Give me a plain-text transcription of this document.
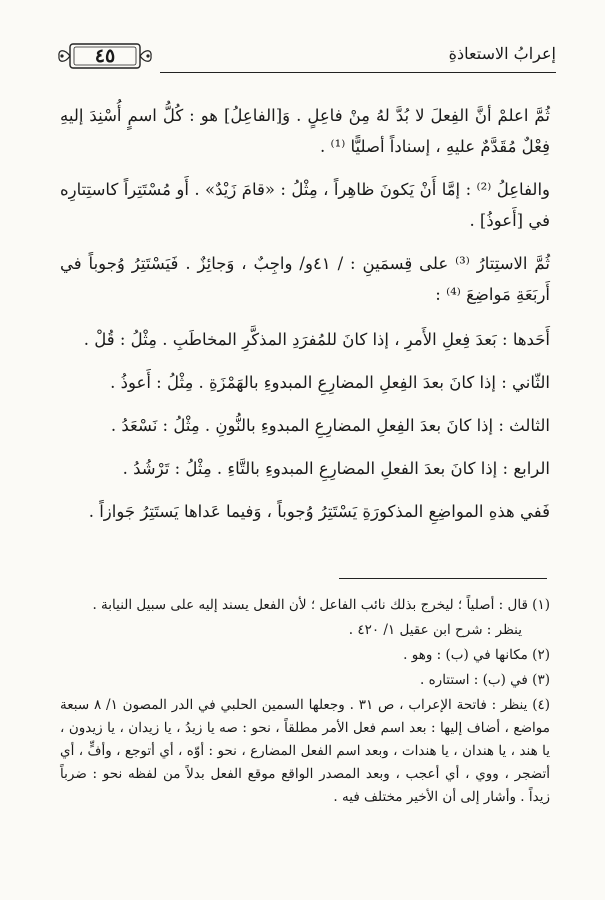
٤٥	إعرابُ الاستعاذةِ

ثُمَّ اعلمْ أنَّ الفِعلَ لا بُدَّ لهُ مِنْ فاعِلٍ . وَ[الفاعِلُ] هو : كُلُّ اسمٍ أُسْنِدَ إليهِ فِعْلٌ مُقَدَّمٌ عليهِ ، إسناداً أصليًّا ⁽¹⁾ .

والفاعِلُ ⁽²⁾ : إمَّا أَنْ يَكونَ ظاهِراً ، مِثْلُ : «قامَ زَيْدٌ» . أَو مُسْتَتِراً كاستِتارِه في [أَعوذُ] .

ثُمَّ الاستِتارُ ⁽³⁾ على قِسمَينِ : / ٤١و/ واجِبٌ ، وَجائِزٌ . فَيَسْتَتِرُ وُجوباً في أَربَعَةِ مَواضِعَ ⁽⁴⁾ :

أَحَدها : بَعدَ فِعلِ الأَمرِ ، إذا كانَ للمُفرَدِ المذكَّرِ المخاطَبِ . مِثْلُ : قُلْ .

الثّاني : إذا كانَ بعدَ الفِعلِ المضارِعِ المبدوءِ بالهَمْزَةِ . مِثْلُ : أَعوذُ .

الثالث : إذا كانَ بعدَ الفِعلِ المضارِعِ المبدوءِ بالنُّونِ . مِثْلُ : نَسْعَدُ .

الرابع : إذا كانَ بعدَ الفعلِ المضارِعِ المبدوءِ بالتَّاءِ . مِثْلُ : تَرْشُدُ .

فَفي هذهِ المواضِعِ المذكورَةِ يَسْتَتِرُ وُجوباً ، وَفيما عَداها يَستَتِرُ جَوازاً .

(١) قال : أصلياً ؛ ليخرج بذلك نائب الفاعل ؛ لأن الفعل يسند إليه على سبيل النيابة .

ينظر : شرح ابن عقيل ١/ ٤٢٠ .

(٢) مكانها في (ب) : وهو .

(٣) في (ب) : استتاره .

(٤) ينظر : فاتحة الإعراب ، ص ٣١ . وجعلها السمين الحلبي في الدر المصون ١/ ٨ سبعة مواضع ، أضاف إليها : بعد اسم فعل الأمر مطلقاً ، نحو : صه يا زيدُ ، يا زيدان ، يا زيدون ، يا هند ، يا هندان ، يا هندات ، وبعد اسم الفعل المضارع ، نحو : أوّه ، أي أتوجع ، وأفٍّ ، أي أتضجر ، ووي ، أي أعجب ، وبعد المصدر الواقع موقع الفعل بدلاً من لفظه نحو : ضرباً زيداً . وأشار إلى أن الأخير مختلف فيه .
